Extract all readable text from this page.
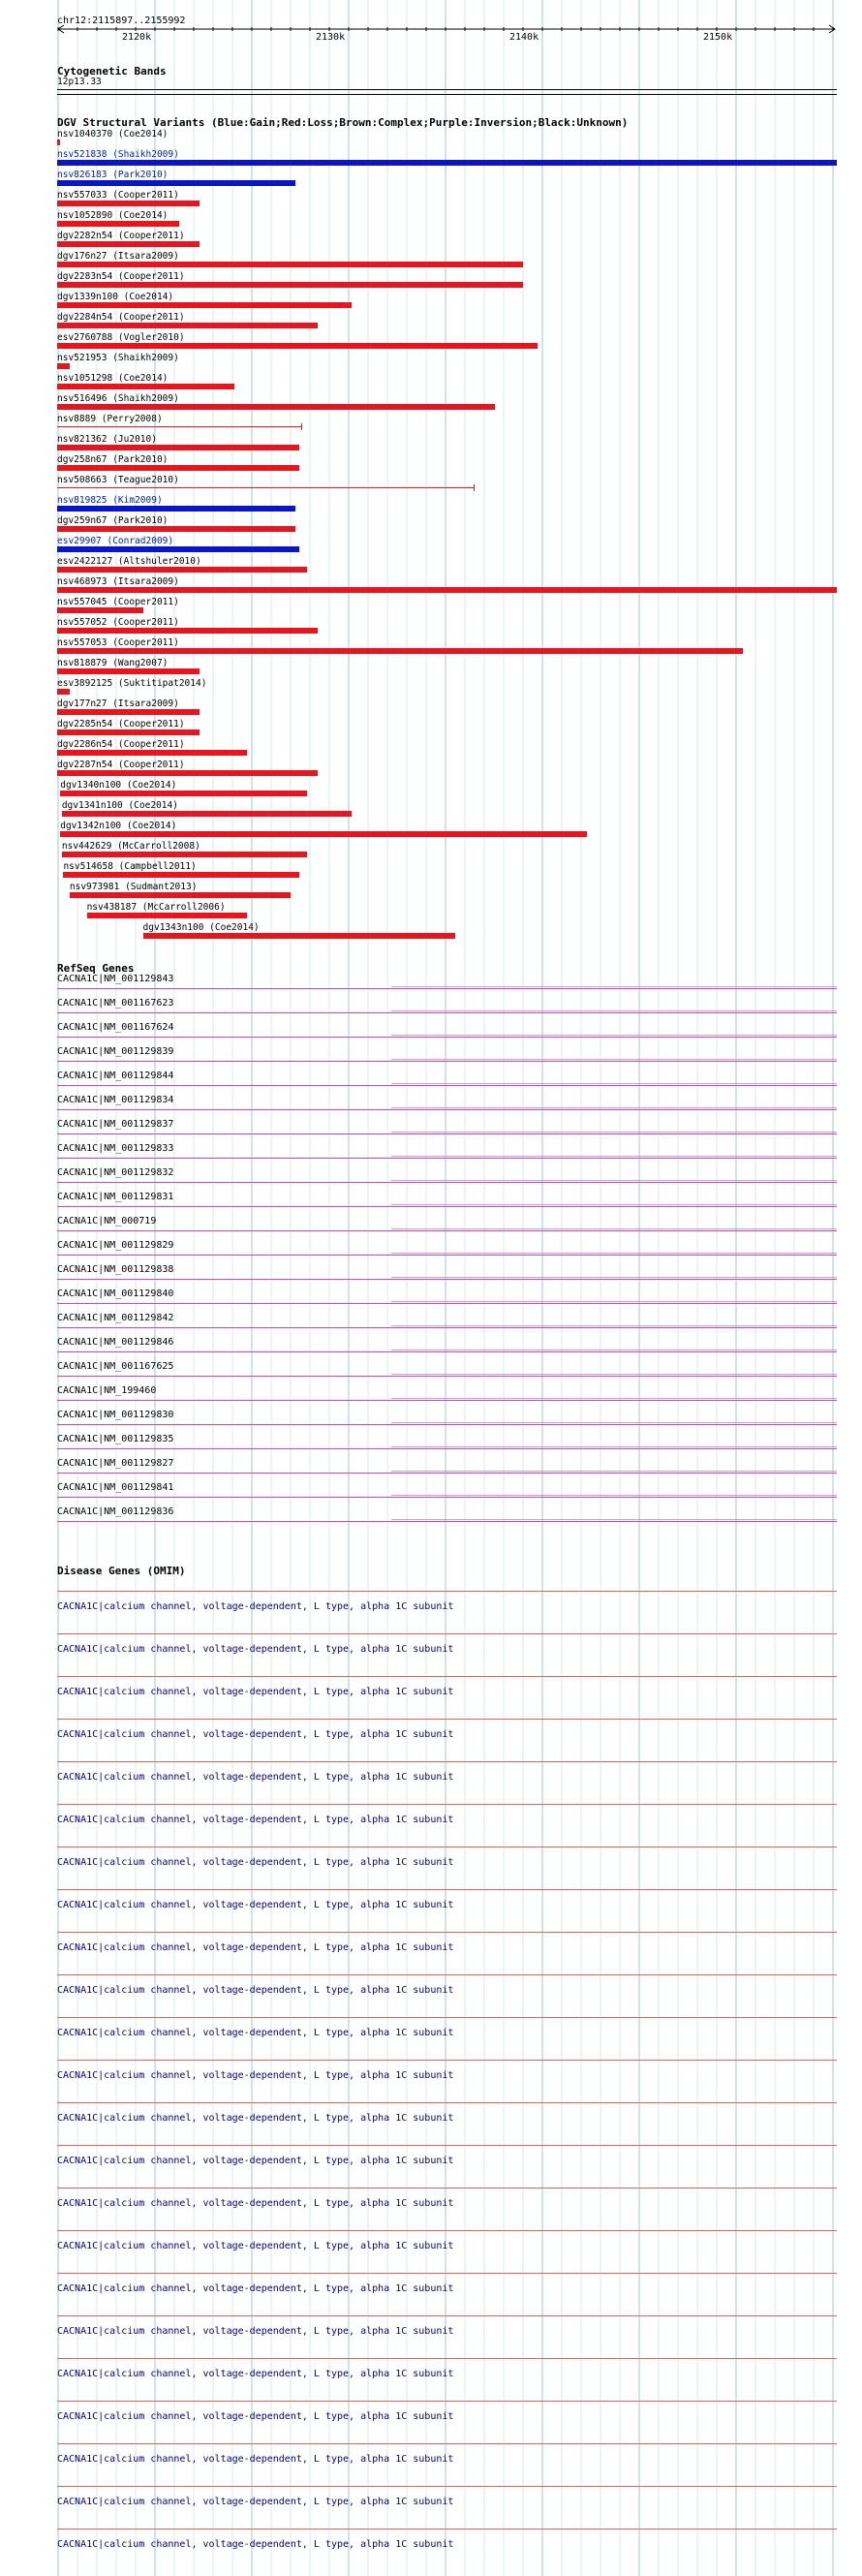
chr12:2115897..2155992
2120k	2130k	2140k	2150k
Cytogenetic Bands
12p13.33
DGV Structural Variants (Blue:Gain;Red:Loss;Brown:Complex;Purple:Inversion;Black:Unknown)
nsv1040370 (Coe2014)
nsv521838 (Shaikh2009)
nsv826183 (Park2010)
nsv557033 (Cooper2011)
nsv1052890 (Coe2014)
dgv2282n54 (Cooper2011)
dgv176n27 (Itsara2009)
dgv2283n54 (Cooper2011)
dgv1339n100 (Coe2014)
dgv2284n54 (Cooper2011)
esv2760788 (Vogler2010)
nsv521953 (Shaikh2009)
nsv1051298 (Coe2014)
nsv516496 (Shaikh2009)
nsv8889 (Perry2008)
nsv821362 (Ju2010)
dgv258n67 (Park2010)
nsv508663 (Teague2010)
nsv819825 (Kim2009)
dgv259n67 (Park2010)
esv29907 (Conrad2009)
esv2422127 (Altshuler2010)
nsv468973 (Itsara2009)
nsv557045 (Cooper2011)
nsv557052 (Cooper2011)
nsv557053 (Cooper2011)
nsv818879 (Wang2007)
esv3892125 (Suktitipat2014)
dgv177n27 (Itsara2009)
dgv2285n54 (Cooper2011)
dgv2286n54 (Cooper2011)
dgv2287n54 (Cooper2011)
dgv1340n100 (Coe2014)
dgv1341n100 (Coe2014)
dgv1342n100 (Coe2014)
nsv442629 (McCarroll2008)
nsv514658 (Campbell2011)
nsv973981 (Sudmant2013)
nsv438187 (McCarroll2006)
dgv1343n100 (Coe2014)
RefSeq Genes
CACNA1C|NM_001129843
CACNA1C|NM_001167623
CACNA1C|NM_001167624
CACNA1C|NM_001129839
CACNA1C|NM_001129844
CACNA1C|NM_001129834
CACNA1C|NM_001129837
CACNA1C|NM_001129833
CACNA1C|NM_001129832
CACNA1C|NM_001129831
CACNA1C|NM_000719
CACNA1C|NM_001129829
CACNA1C|NM_001129838
CACNA1C|NM_001129840
CACNA1C|NM_001129842
CACNA1C|NM_001129846
CACNA1C|NM_001167625
CACNA1C|NM_199460
CACNA1C|NM_001129830
CACNA1C|NM_001129835
CACNA1C|NM_001129827
CACNA1C|NM_001129841
CACNA1C|NM_001129836
Disease Genes (OMIM)
CACNA1C|calcium channel, voltage-dependent, L type, alpha 1C subunit
CACNA1C|calcium channel, voltage-dependent, L type, alpha 1C subunit
CACNA1C|calcium channel, voltage-dependent, L type, alpha 1C subunit
CACNA1C|calcium channel, voltage-dependent, L type, alpha 1C subunit
CACNA1C|calcium channel, voltage-dependent, L type, alpha 1C subunit
CACNA1C|calcium channel, voltage-dependent, L type, alpha 1C subunit
CACNA1C|calcium channel, voltage-dependent, L type, alpha 1C subunit
CACNA1C|calcium channel, voltage-dependent, L type, alpha 1C subunit
CACNA1C|calcium channel, voltage-dependent, L type, alpha 1C subunit
CACNA1C|calcium channel, voltage-dependent, L type, alpha 1C subunit
CACNA1C|calcium channel, voltage-dependent, L type, alpha 1C subunit
CACNA1C|calcium channel, voltage-dependent, L type, alpha 1C subunit
CACNA1C|calcium channel, voltage-dependent, L type, alpha 1C subunit
CACNA1C|calcium channel, voltage-dependent, L type, alpha 1C subunit
CACNA1C|calcium channel, voltage-dependent, L type, alpha 1C subunit
CACNA1C|calcium channel, voltage-dependent, L type, alpha 1C subunit
CACNA1C|calcium channel, voltage-dependent, L type, alpha 1C subunit
CACNA1C|calcium channel, voltage-dependent, L type, alpha 1C subunit
CACNA1C|calcium channel, voltage-dependent, L type, alpha 1C subunit
CACNA1C|calcium channel, voltage-dependent, L type, alpha 1C subunit
CACNA1C|calcium channel, voltage-dependent, L type, alpha 1C subunit
CACNA1C|calcium channel, voltage-dependent, L type, alpha 1C subunit
CACNA1C|calcium channel, voltage-dependent, L type, alpha 1C subunit
